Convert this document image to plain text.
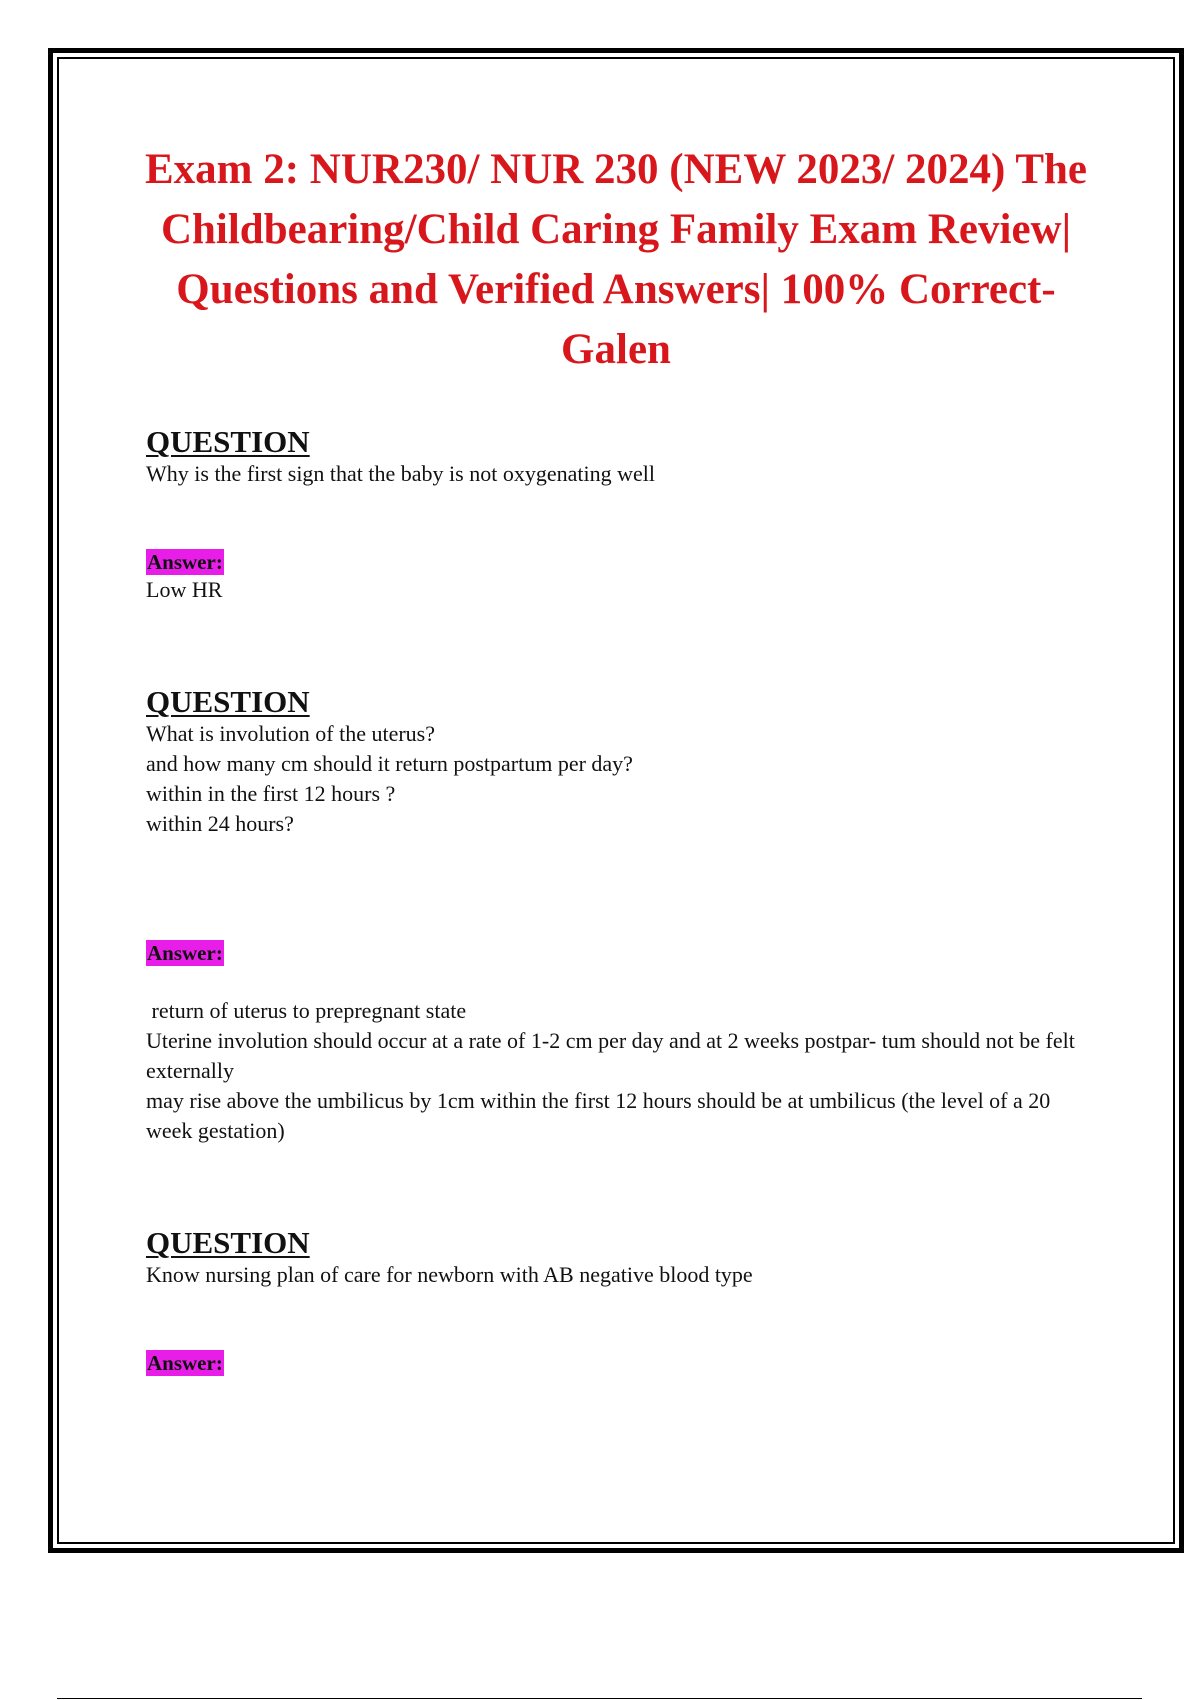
Exam 2: NUR230/ NUR 230 (NEW 2023/ 2024) The Childbearing/Child Caring Family Exam Review| Questions and Verified Answers| 100% Correct- Galen
QUESTION

Why is the first sign that the baby is not oxygenating well

Answer:

Low HR

QUESTION

What is involution of the uterus?

and how many cm should it return postpartum per day?

within in the first 12 hours ?

within 24 hours?

Answer:

return of uterus to prepregnant state

Uterine involution should occur at a rate of 1-2 cm per day and at 2 weeks postpar- tum should not be felt externally

may rise above the umbilicus by 1cm within the first 12 hours should be at umbilicus (the level of a 20 week gestation)

QUESTION

Know nursing plan of care for newborn with AB negative blood type

Answer:
